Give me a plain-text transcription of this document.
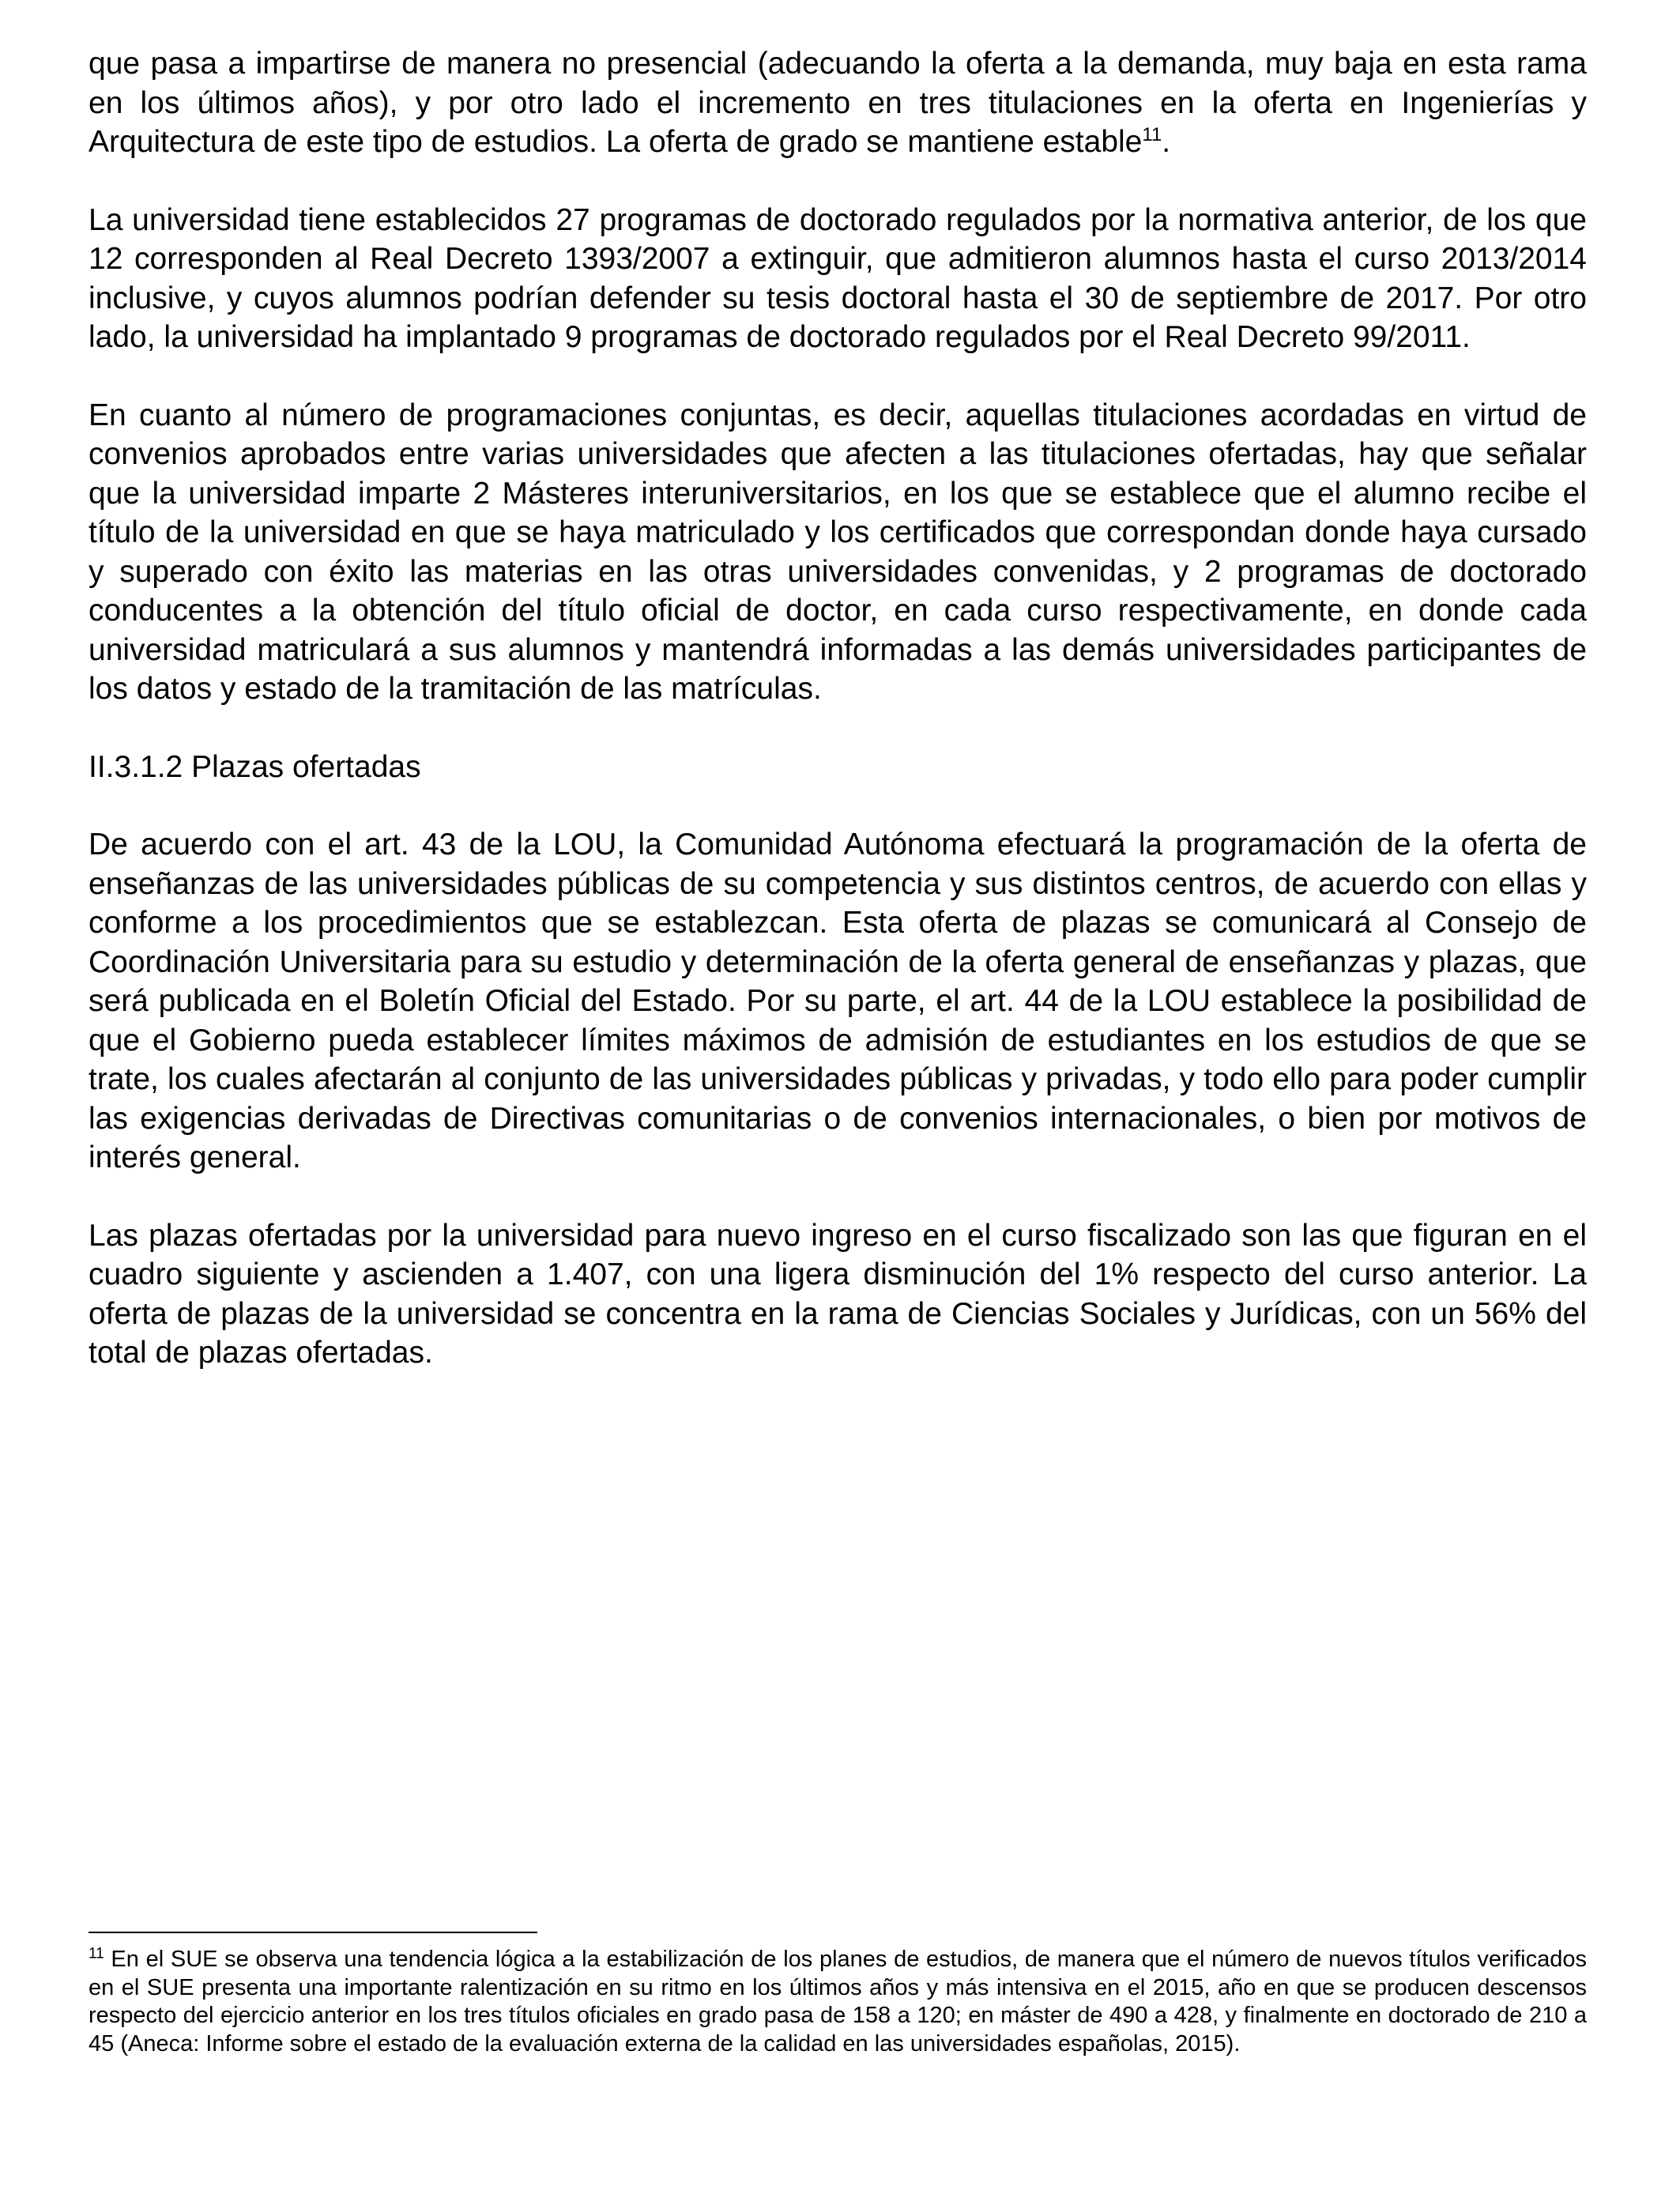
que pasa a impartirse de manera no presencial (adecuando la oferta a la demanda, muy baja en esta rama en los últimos años), y por otro lado el incremento en tres titulaciones en la oferta en Ingenierías y Arquitectura de este tipo de estudios. La oferta de grado se mantiene estable$^{11}$.

La universidad tiene establecidos 27 programas de doctorado regulados por la normativa anterior, de los que 12 corresponden al Real Decreto 1393/2007 a extinguir, que admitieron alumnos hasta el curso 2013/2014 inclusive, y cuyos alumnos podrían defender su tesis doctoral hasta el 30 de septiembre de 2017. Por otro lado, la universidad ha implantado 9 programas de doctorado regulados por el Real Decreto 99/2011.

En cuanto al número de programaciones conjuntas, es decir, aquellas titulaciones acordadas en virtud de convenios aprobados entre varias universidades que afecten a las titulaciones ofertadas, hay que señalar que la universidad imparte 2 Másteres interuniversitarios, en los que se establece que el alumno recibe el título de la universidad en que se haya matriculado y los certificados que correspondan donde haya cursado y superado con éxito las materias en las otras universidades convenidas, y 2 programas de doctorado conducentes a la obtención del título oficial de doctor, en cada curso respectivamente, en donde cada universidad matriculará a sus alumnos y mantendrá informadas a las demás universidades participantes de los datos y estado de la tramitación de las matrículas.

II.3.1.2 Plazas ofertadas

De acuerdo con el art. 43 de la LOU, la Comunidad Autónoma efectuará la programación de la oferta de enseñanzas de las universidades públicas de su competencia y sus distintos centros, de acuerdo con ellas y conforme a los procedimientos que se establezcan. Esta oferta de plazas se comunicará al Consejo de Coordinación Universitaria para su estudio y determinación de la oferta general de enseñanzas y plazas, que será publicada en el Boletín Oficial del Estado. Por su parte, el art. 44 de la LOU establece la posibilidad de que el Gobierno pueda establecer límites máximos de admisión de estudiantes en los estudios de que se trate, los cuales afectarán al conjunto de las universidades públicas y privadas, y todo ello para poder cumplir las exigencias derivadas de Directivas comunitarias o de convenios internacionales, o bien por motivos de interés general.

Las plazas ofertadas por la universidad para nuevo ingreso en el curso fiscalizado son las que figuran en el cuadro siguiente y ascienden a 1.407, con una ligera disminución del 1% respecto del curso anterior. La oferta de plazas de la universidad se concentra en la rama de Ciencias Sociales y Jurídicas, con un 56% del total de plazas ofertadas.

$^{11}$ En el SUE se observa una tendencia lógica a la estabilización de los planes de estudios, de manera que el número de nuevos títulos verificados en el SUE presenta una importante ralentización en su ritmo en los últimos años y más intensiva en el 2015, año en que se producen descensos respecto del ejercicio anterior en los tres títulos oficiales en grado pasa de 158 a 120; en máster de 490 a 428, y finalmente en doctorado de 210 a 45 (Aneca: Informe sobre el estado de la evaluación externa de la calidad en las universidades españolas, 2015).
